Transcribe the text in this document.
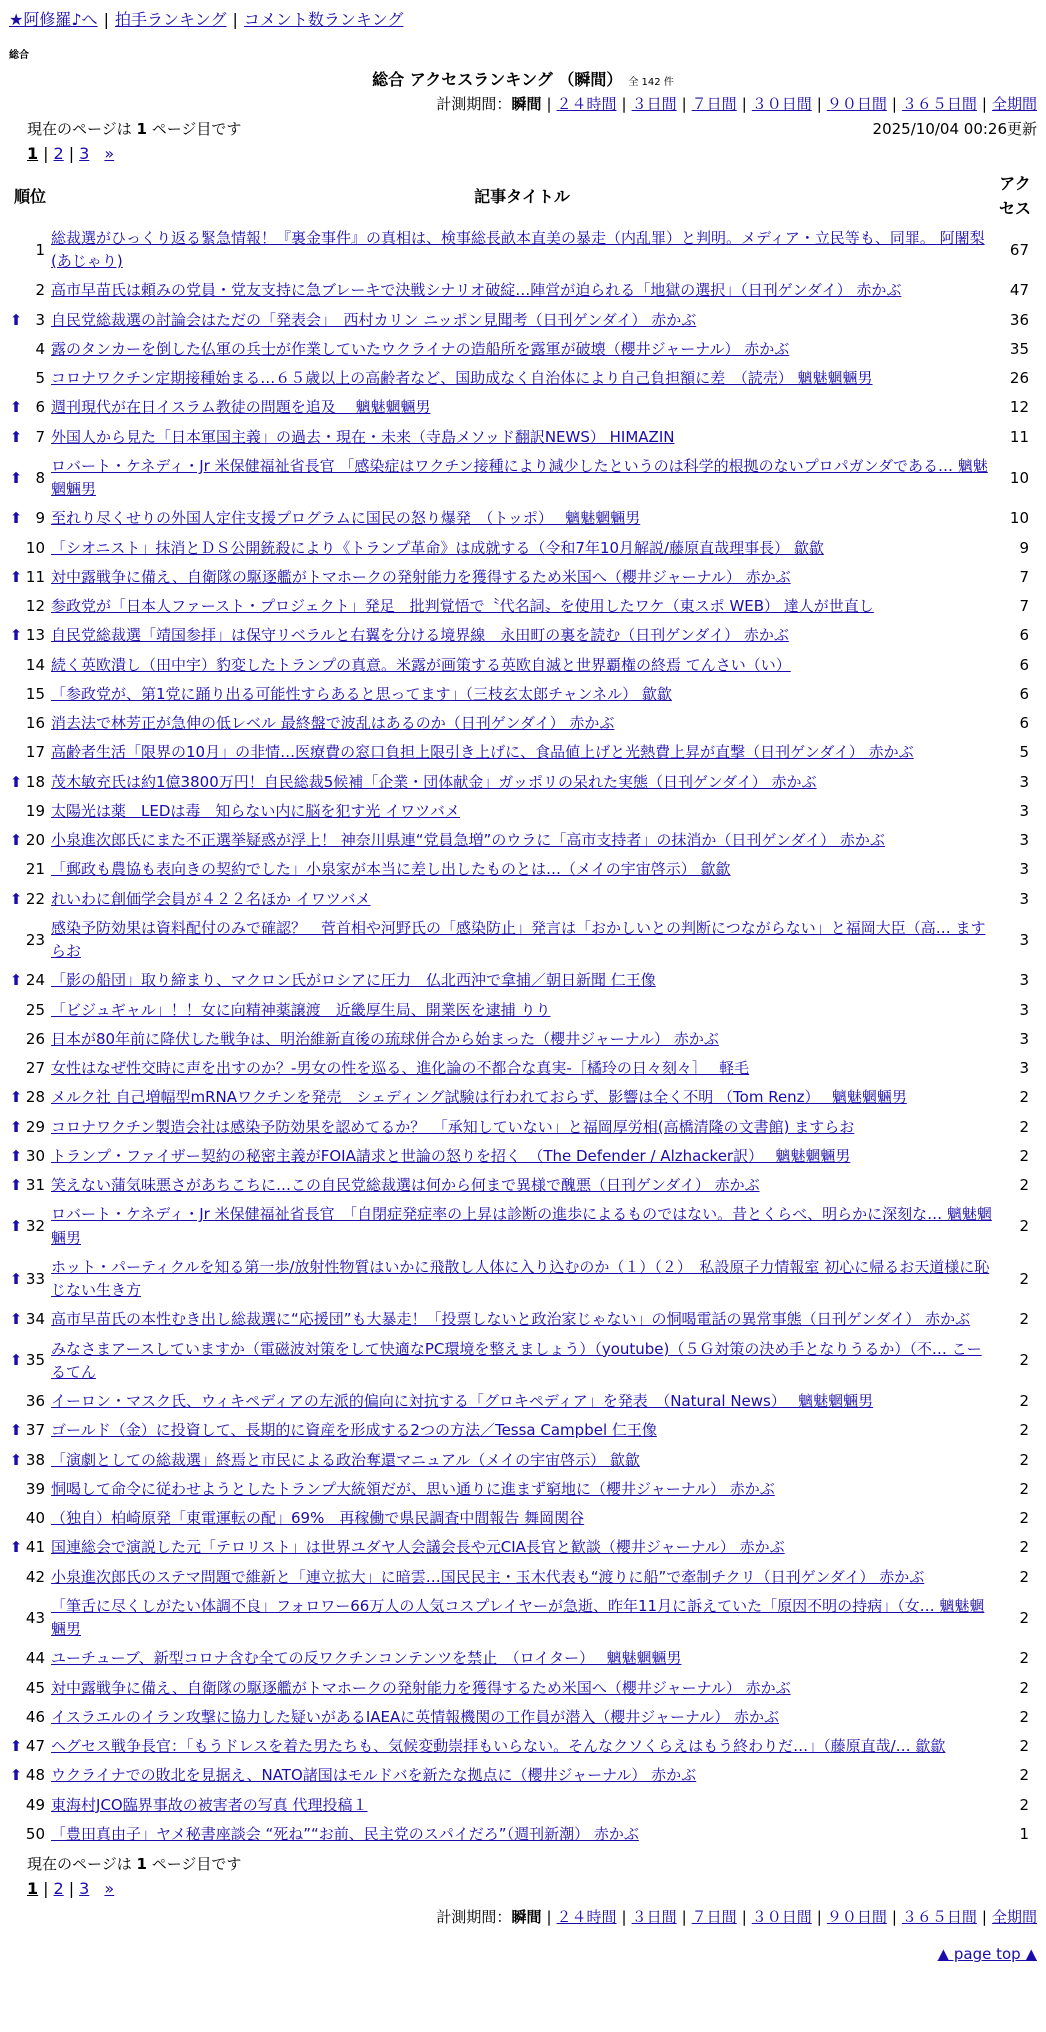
★阿修羅♪へ | 拍手ランキング | コメント数ランキング
総合
総合 アクセスランキング （瞬間） 全 142 件
計測期間：瞬間 | ２４時間 | ３日間 | ７日間 | ３０日間 | ９０日間 | ３６５日間 | 全期間
現在のページは 1 ページ目です	2025/10/04 00:26更新
1 | 2 | 3 »
順位		記事タイトル	アクセス
	1	総裁選がひっくり返る緊急情報！『裏金事件』の真相は、検事総長畝本直美の暴走（内乱罪）と判明。メディア・立民等も、同罪。 阿闍梨(あじゃり)	67
	2	高市早苗氏は頼みの党員・党友支持に急ブレーキで決戦シナリオ破綻…陣営が迫られる「地獄の選択」（日刊ゲンダイ） 赤かぶ	47
⬆	3	自民党総裁選の討論会はただの「発表会」　西村カリン ニッポン見聞考（日刊ゲンダイ） 赤かぶ	36
	4	露のタンカーを倒した仏軍の兵士が作業していたウクライナの造船所を露軍が破壊（櫻井ジャーナル） 赤かぶ	35
	5	コロナワクチン定期接種始まる…６５歳以上の高齢者など、国助成なく自治体により自己負担額に差　（読売） 魑魅魍魎男	26
⬆	6	週刊現代が在日イスラム教徒の問題を追及　 魑魅魍魎男	12
⬆	7	外国人から見た「日本軍国主義」の過去・現在・未来（寺島メソッド翻訳NEWS） HIMAZIN	11
⬆	8	ロバート・ケネディ・Jr 米保健福祉省長官 「感染症はワクチン接種により減少したというのは科学的根拠のないプロパガンダである… 魑魅魍魎男	10
⬆	9	至れり尽くせりの外国人定住支援プログラムに国民の怒り爆発　（トッポ）　 魑魅魍魎男	10
	10	「シオニスト」抹消とＤＳ公開銃殺により《トランプ革命》は成就する（令和7年10月解説/藤原直哉理事長） 歙歙	9
⬆	11	対中露戦争に備え、自衛隊の駆逐艦がトマホークの発射能力を獲得するため米国へ（櫻井ジャーナル） 赤かぶ	7
	12	参政党が「日本人ファースト・プロジェクト」発足　批判覚悟で〝代名詞〟を使用したワケ（東スポ WEB） 達人が世直し	7
⬆	13	自民党総裁選「靖国参拝」は保守リベラルと右翼を分ける境界線　永田町の裏を読む（日刊ゲンダイ） 赤かぶ	6
	14	続く英欧潰し（田中宇）豹変したトランプの真意。米露が画策する英欧自滅と世界覇権の終焉 てんさい（い）	6
	15	「参政党が、第1党に踊り出る可能性すらあると思ってます」（三枝玄太郎チャンネル） 歙歙	6
	16	消去法で林芳正が急伸の低レベル 最終盤で波乱はあるのか（日刊ゲンダイ） 赤かぶ	6
	17	高齢者生活「限界の10月」の非情…医療費の窓口負担上限引き上げに、食品値上げと光熱費上昇が直撃（日刊ゲンダイ） 赤かぶ	5
⬆	18	茂木敏充氏は約1億3800万円！自民総裁5候補「企業・団体献金」ガッポリの呆れた実態（日刊ゲンダイ） 赤かぶ	3
	19	太陽光は薬　LEDは毒　知らない内に脳を犯す光 イワツバメ	3
⬆	20	小泉進次郎氏にまた不正選挙疑惑が浮上！ 神奈川県連“党員急増”のウラに「高市支持者」の抹消か（日刊ゲンダイ） 赤かぶ	3
	21	「郵政も農協も表向きの契約でした」小泉家が本当に差し出したものとは…（メイの宇宙啓示） 歙歙	3
⬆	22	れいわに創価学会員が４２２名ほか イワツバメ	3
	23	感染予防効果は資料配付のみで確認？　菅首相や河野氏の「感染防止」発言は「おかしいとの判断につながらない」と福岡大臣（高… ますらお	3
⬆	24	「影の船団」取り締まり、マクロン氏がロシアに圧力　仏北西沖で拿捕／朝日新聞 仁王像	3
	25	「ビジュギャル」！！女に向精神薬譲渡　近畿厚生局、開業医を逮捕 りり	3
	26	日本が80年前に降伏した戦争は、明治維新直後の琉球併合から始まった（櫻井ジャーナル） 赤かぶ	3
	27	女性はなぜ性交時に声を出すのか？-男女の性を巡る、進化論の不都合な真実-［橘玲の日々刻々］　 軽毛	3
⬆	28	メルク社 自己増幅型mRNAワクチンを発売　シェディング試験は行われておらず、影響は全く不明 （Tom Renz）　 魑魅魍魎男	2
⬆	29	コロナワクチン製造会社は感染予防効果を認めてるか？　「承知していない」と福岡厚労相(高橋清隆の文書館) ますらお	2
⬆	30	トランプ・ファイザー契約の秘密主義がFOIA請求と世論の怒りを招く　（The Defender / Alzhacker訳）　 魑魅魍魎男	2
⬆	31	笑えない蒲気味悪さがあちこちに…この自民党総裁選は何から何まで異様で醜悪（日刊ゲンダイ） 赤かぶ	2
⬆	32	ロバート・ケネディ・Jr 米保健福祉省長官　「自閉症発症率の上昇は診断の進歩によるものではない。昔とくらべ、明らかに深刻な… 魑魅魍魎男	2
⬆	33	ホット・パーティクルを知る第一歩/放射性物質はいかに飛散し人体に入り込むのか（１）（２）　私設原子力情報室 初心に帰るお天道様に恥じない生き方	2
⬆	34	高市早苗氏の本性むき出し総裁選に“応援団”も大暴走！「投票しないと政治家じゃない」の恫喝電話の異常事態（日刊ゲンダイ） 赤かぶ	2
⬆	35	みなさまアースしていますか（電磁波対策をして快適なPC環境を整えましょう）（youtube)（５Ｇ対策の決め手となりうるか）（不… こーるてん	2
	36	イーロン・マスク氏、ウィキペディアの左派的偏向に対抗する「グロキペディア」を発表　（Natural News）　 魑魅魍魎男	2
⬆	37	ゴールド（金）に投資して、長期的に資産を形成する2つの方法／Tessa Campbel 仁王像	2
⬆	38	「演劇としての総裁選」終焉と市民による政治奪還マニュアル（メイの宇宙啓示） 歙歙	2
	39	恫喝して命令に従わせようとしたトランプ大統領だが、思い通りに進まず窮地に（櫻井ジャーナル） 赤かぶ	2
	40	（独自）柏崎原発「東電運転の配」69%　再稼働で県民調査中間報告 舞岡関谷	2
⬆	41	国連総会で演説した元「テロリスト」は世界ユダヤ人会議会長や元CIA長官と歓談（櫻井ジャーナル） 赤かぶ	2
	42	小泉進次郎氏のステマ問題で維新と「連立拡大」に暗雲…国民民主・玉木代表も“渡りに船”で牽制チクリ（日刊ゲンダイ） 赤かぶ	2
	43	「筆舌に尽くしがたい体調不良」フォロワー66万人の人気コスプレイヤーが急逝、昨年11月に訴えていた「原因不明の持病」（女… 魑魅魍魎男	2
	44	ユーチューブ、新型コロナ含む全ての反ワクチンコンテンツを禁止　（ロイター）　 魑魅魍魎男	2
	45	対中露戦争に備え、自衛隊の駆逐艦がトマホークの発射能力を獲得するため米国へ（櫻井ジャーナル） 赤かぶ	2
	46	イスラエルのイラン攻撃に協力した疑いがあるIAEAに英情報機関の工作員が潜入（櫻井ジャーナル） 赤かぶ	2
⬆	47	ヘグセス戦争長官：「もうドレスを着た男たちも、気候変動崇拝もいらない。そんなクソくらえはもう終わりだ…」（藤原直哉/… 歙歙	2
⬆	48	ウクライナでの敗北を見据え、NATO諸国はモルドバを新たな拠点に（櫻井ジャーナル） 赤かぶ	2
	49	東海村JCO臨界事故の被害者の写真 代理投稿１	2
	50	「豊田真由子」ヤメ秘書座談会 “死ね”“お前、民主党のスパイだろ”（週刊新潮） 赤かぶ	1
現在のページは 1 ページ目です
1 | 2 | 3 »
計測期間：瞬間 | ２４時間 | ３日間 | ７日間 | ３０日間 | ９０日間 | ３６５日間 | 全期間
▲ page top ▲
